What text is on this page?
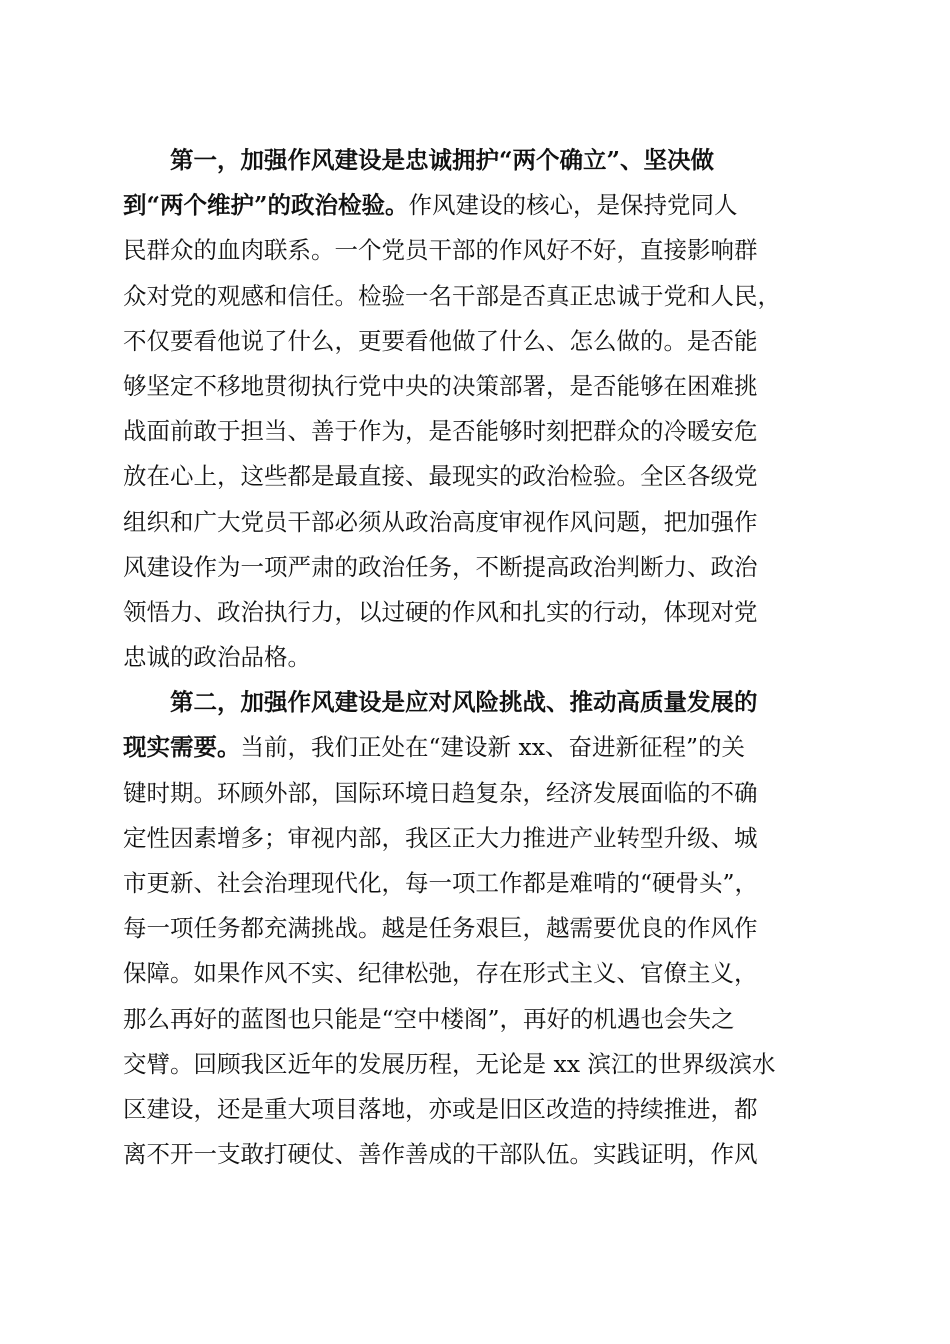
　　第一，加强作风建设是忠诚拥护“两个确立”、坚决做
到“两个维护”的政治检验。作风建设的核心，是保持党同人
民群众的血肉联系。一个党员干部的作风好不好，直接影响群
众对党的观感和信任。检验一名干部是否真正忠诚于党和人民，
不仅要看他说了什么，更要看他做了什么、怎么做的。是否能
够坚定不移地贯彻执行党中央的决策部署，是否能够在困难挑
战面前敢于担当、善于作为，是否能够时刻把群众的冷暖安危
放在心上，这些都是最直接、最现实的政治检验。全区各级党
组织和广大党员干部必须从政治高度审视作风问题，把加强作
风建设作为一项严肃的政治任务，不断提高政治判断力、政治
领悟力、政治执行力，以过硬的作风和扎实的行动，体现对党
忠诚的政治品格。
　　第二，加强作风建设是应对风险挑战、推动高质量发展的
现实需要。当前，我们正处在“建设新 xx、奋进新征程”的关
键时期。环顾外部，国际环境日趋复杂，经济发展面临的不确
定性因素增多；审视内部，我区正大力推进产业转型升级、城
市更新、社会治理现代化，每一项工作都是难啃的“硬骨头”，
每一项任务都充满挑战。越是任务艰巨，越需要优良的作风作
保障。如果作风不实、纪律松弛，存在形式主义、官僚主义，
那么再好的蓝图也只能是“空中楼阁”，再好的机遇也会失之
交臂。回顾我区近年的发展历程，无论是 xx 滨江的世界级滨水
区建设，还是重大项目落地，亦或是旧区改造的持续推进，都
离不开一支敢打硬仗、善作善成的干部队伍。实践证明，作风
